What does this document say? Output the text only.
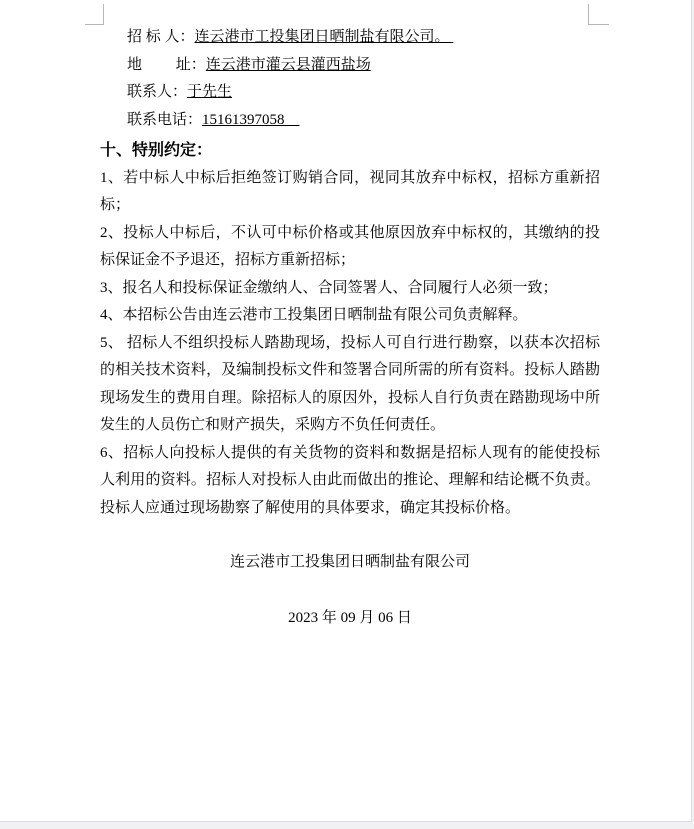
招 标 人：连云港市工投集团日晒制盐有限公司。

地　　 址：连云港市灌云县灌西盐场

联系人：于先生

联系电话：15161397058

十、特别约定：

1、若中标人中标后拒绝签订购销合同，视同其放弃中标权，招标方重新招标；

2、投标人中标后，不认可中标价格或其他原因放弃中标权的，其缴纳的投标保证金不予退还，招标方重新招标；

3、报名人和投标保证金缴纳人、合同签署人、合同履行人必须一致；

4、本招标公告由连云港市工投集团日晒制盐有限公司负责解释。

5、 招标人不组织投标人踏勘现场，投标人可自行进行勘察，以获本次招标的相关技术资料，及编制投标文件和签署合同所需的所有资料。投标人踏勘现场发生的费用自理。除招标人的原因外，投标人自行负责在踏勘现场中所发生的人员伤亡和财产损失，采购方不负任何责任。

6、招标人向投标人提供的有关货物的资料和数据是招标人现有的能使投标人利用的资料。招标人对投标人由此而做出的推论、理解和结论概不负责。投标人应通过现场勘察了解使用的具体要求，确定其投标价格。

连云港市工投集团日晒制盐有限公司

2023 年 09 月 06 日
